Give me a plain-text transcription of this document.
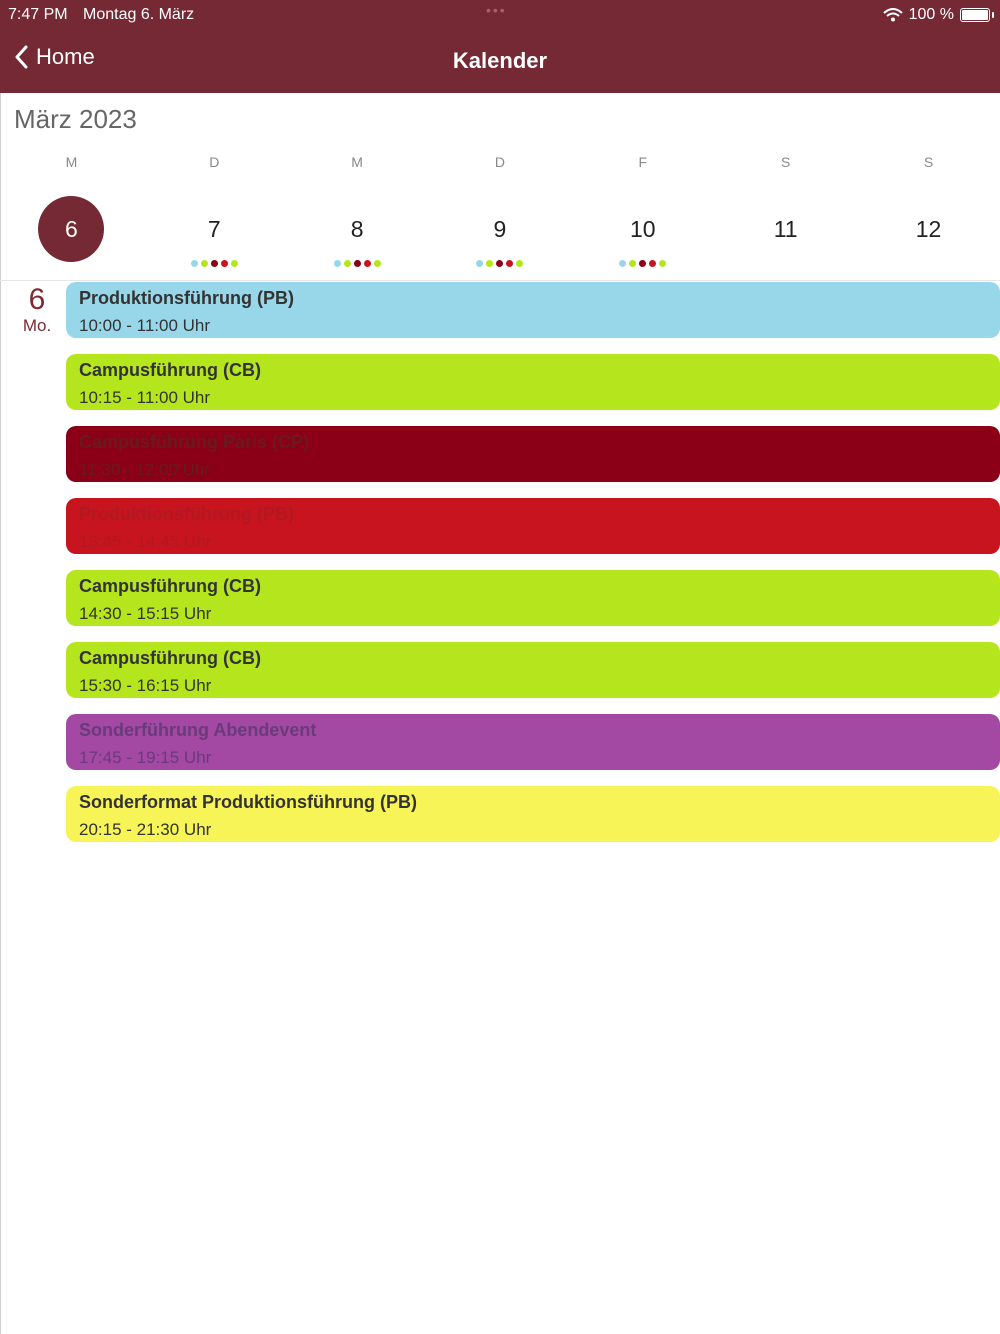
7:47 PM Montag 6. März	•••	100 %
Home	Kalender
März 2023
M	D	M	D	F	S	S
6	7	8	9	10	11	12
6
Mo.
Produktionsführung (PB)
10:00 - 11:00 Uhr
Campusführung (CB)
10:15 - 11:00 Uhr
Campusführung Paris (CP)
11:30 - 12:00 Uhr
Produktionsführung (PB)
13:45 - 14:45 Uhr
Campusführung (CB)
14:30 - 15:15 Uhr
Campusführung (CB)
15:30 - 16:15 Uhr
Sonderführung Abendevent
17:45 - 19:15 Uhr
Sonderformat Produktionsführung (PB)
20:15 - 21:30 Uhr
